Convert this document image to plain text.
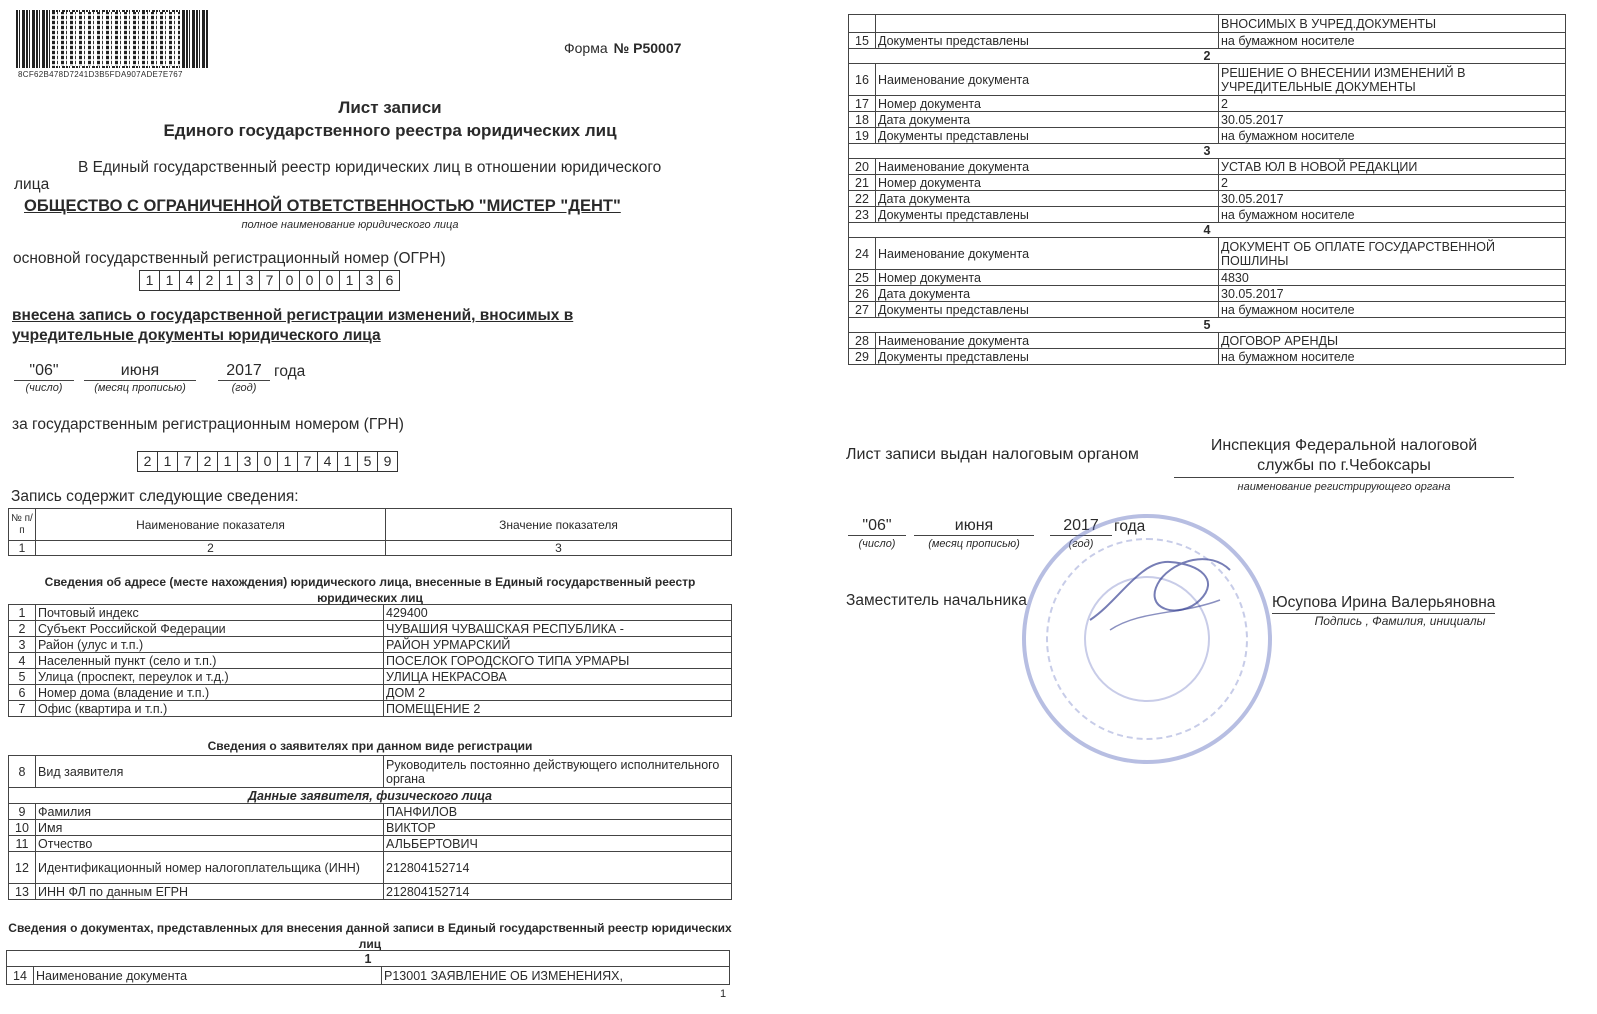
8CF62B478D7241D3B5FDA907ADE7E767
Форма № Р50007
Лист записи
Единого государственного реестра юридических лиц
В Единый государственный реестр юридических лиц в отношении юридического
лица
ОБЩЕСТВО С ОГРАНИЧЕННОЙ ОТВЕТСТВЕННОСТЬЮ "МИСТЕР "ДЕНТ"
полное наименование юридического лица
основной государственный регистрационный номер (ОГРН)
1 1 4 2 1 3 7 0 0 0 1 3 6
внесена запись о государственной регистрации изменений, вносимых в
учредительные документы юридического лица
"06"	июня	2017 года
(число)	(месяц прописью)	(год)
за государственным регистрационным номером (ГРН)
2 1 7 2 1 3 0 1 7 4 1 5 9
Запись содержит следующие сведения:
№ п/п	Наименование показателя	Значение показателя
1	2	3
Сведения об адресе (месте нахождения) юридического лица, внесенные в Единый государственный реестр юридических лиц
1	Почтовый индекс	429400
2	Субъект Российской Федерации	ЧУВАШИЯ ЧУВАШСКАЯ РЕСПУБЛИКА -
3	Район (улус и т.п.)	РАЙОН УРМАРСКИЙ
4	Населенный пункт (село и т.п.)	ПОСЕЛОК ГОРОДСКОГО ТИПА УРМАРЫ
5	Улица (проспект, переулок и т.д.)	УЛИЦА НЕКРАСОВА
6	Номер дома (владение и т.п.)	ДОМ 2
7	Офис (квартира и т.п.)	ПОМЕЩЕНИЕ 2
Сведения о заявителях при данном виде регистрации
8	Вид заявителя	Руководитель постоянно действующего исполнительного органа
Данные заявителя, физического лица		
9	Фамилия	ПАНФИЛОВ
10	Имя	ВИКТОР
11	Отчество	АЛЬБЕРТОВИЧ
12	Идентификационный номер налогоплательщика (ИНН)	212804152714
13	ИНН ФЛ по данным ЕГРН	212804152714
Сведения о документах, представленных для внесения данной записи в Единый государственный реестр юридических лиц
1
14	Наименование документа	Р13001 ЗАЯВЛЕНИЕ ОБ ИЗМЕНЕНИЯХ,
1
		ВНОСИМЫХ В УЧРЕД.ДОКУМЕНТЫ
15	Документы представлены	на бумажном носителе
2		
16	Наименование документа	РЕШЕНИЕ О ВНЕСЕНИИ ИЗМЕНЕНИЙ В УЧРЕДИТЕЛЬНЫЕ ДОКУМЕНТЫ
17	Номер документа	2
18	Дата документа	30.05.2017
19	Документы представлены	на бумажном носителе
3		
20	Наименование документа	УСТАВ ЮЛ В НОВОЙ РЕДАКЦИИ
21	Номер документа	2
22	Дата документа	30.05.2017
23	Документы представлены	на бумажном носителе
4		
24	Наименование документа	ДОКУМЕНТ ОБ ОПЛАТЕ ГОСУДАРСТВЕННОЙ ПОШЛИНЫ
25	Номер документа	4830
26	Дата документа	30.05.2017
27	Документы представлены	на бумажном носителе
5		
28	Наименование документа	ДОГОВОР АРЕНДЫ
29	Документы представлены	на бумажном носителе
Лист записи выдан налоговым органом
Инспекция Федеральной налоговой
службы по г.Чебоксары
наименование регистрирующего органа
"06"	июня	2017 года
(число)	(месяц прописью)	(год)
Заместитель начальника	Юсупова Ирина Валерьяновна
Подпись , Фамилия, инициалы
